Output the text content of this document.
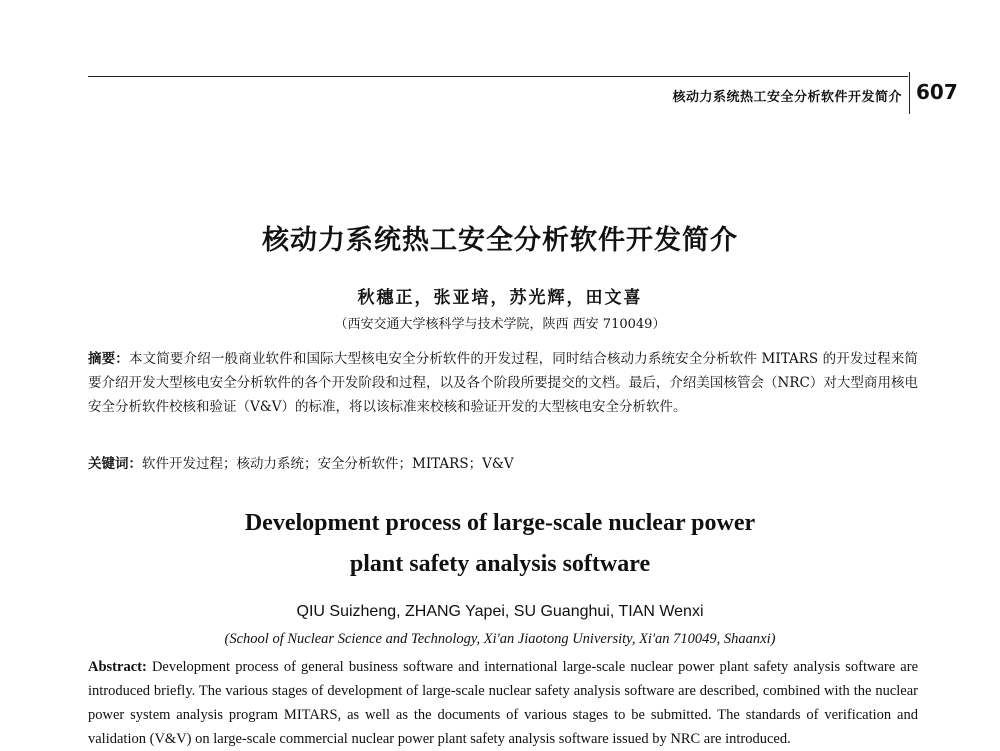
核动力系统热工安全分析软件开发简介 607
核动力系统热工安全分析软件开发简介
秋穗正，张亚培，苏光辉，田文喜
（西安交通大学核科学与技术学院，陕西 西安 710049）
摘要：本文简要介绍一般商业软件和国际大型核电安全分析软件的开发过程，同时结合核动力系统安全分析软件 MITARS 的开发过程来简要介绍开发大型核电安全分析软件的各个开发阶段和过程，以及各个阶段所要提交的文档。最后，介绍美国核管会（NRC）对大型商用核电安全分析软件校核和验证（V&V）的标准，将以该标准来校核和验证开发的大型核电安全分析软件。
关键词：软件开发过程；核动力系统；安全分析软件；MITARS；V&V
Development process of large-scale nuclear power
plant safety analysis software
QIU Suizheng, ZHANG Yapei, SU Guanghui, TIAN Wenxi
(School of Nuclear Science and Technology, Xi'an Jiaotong University, Xi'an 710049, Shaanxi)
Abstract: Development process of general business software and international large-scale nuclear power plant safety analysis software are introduced briefly. The various stages of development of large-scale nuclear safety analysis software are described, combined with the nuclear power system analysis program MITARS, as well as the documents of various stages to be submitted. The standards of verification and validation (V&V) on large-scale commercial nuclear power plant safety analysis software issued by NRC are introduced.
